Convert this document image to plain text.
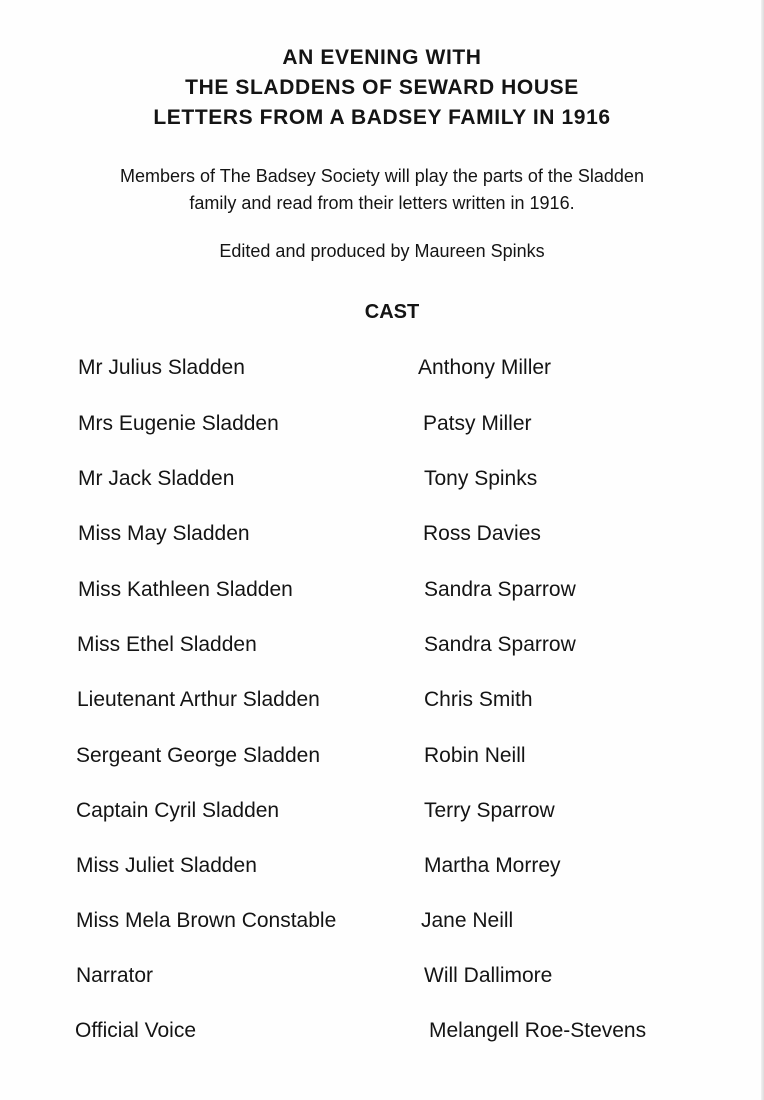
AN EVENING WITH
THE SLADDENS OF SEWARD HOUSE
LETTERS FROM A BADSEY FAMILY IN 1916
Members of The Badsey Society will play the parts of the Sladden
family and read from their letters written in 1916.
Edited and produced by Maureen Spinks
CAST
Mr Julius Sladden	Anthony Miller
Mrs Eugenie Sladden	Patsy Miller
Mr Jack Sladden	Tony Spinks
Miss May Sladden	Ross Davies
Miss Kathleen Sladden	Sandra Sparrow
Miss Ethel Sladden	Sandra Sparrow
Lieutenant Arthur Sladden	Chris Smith
Sergeant George Sladden	Robin Neill
Captain Cyril Sladden	Terry Sparrow
Miss Juliet Sladden	Martha Morrey
Miss Mela Brown Constable	Jane Neill
Narrator	Will Dallimore
Official Voice	Melangell Roe-Stevens
